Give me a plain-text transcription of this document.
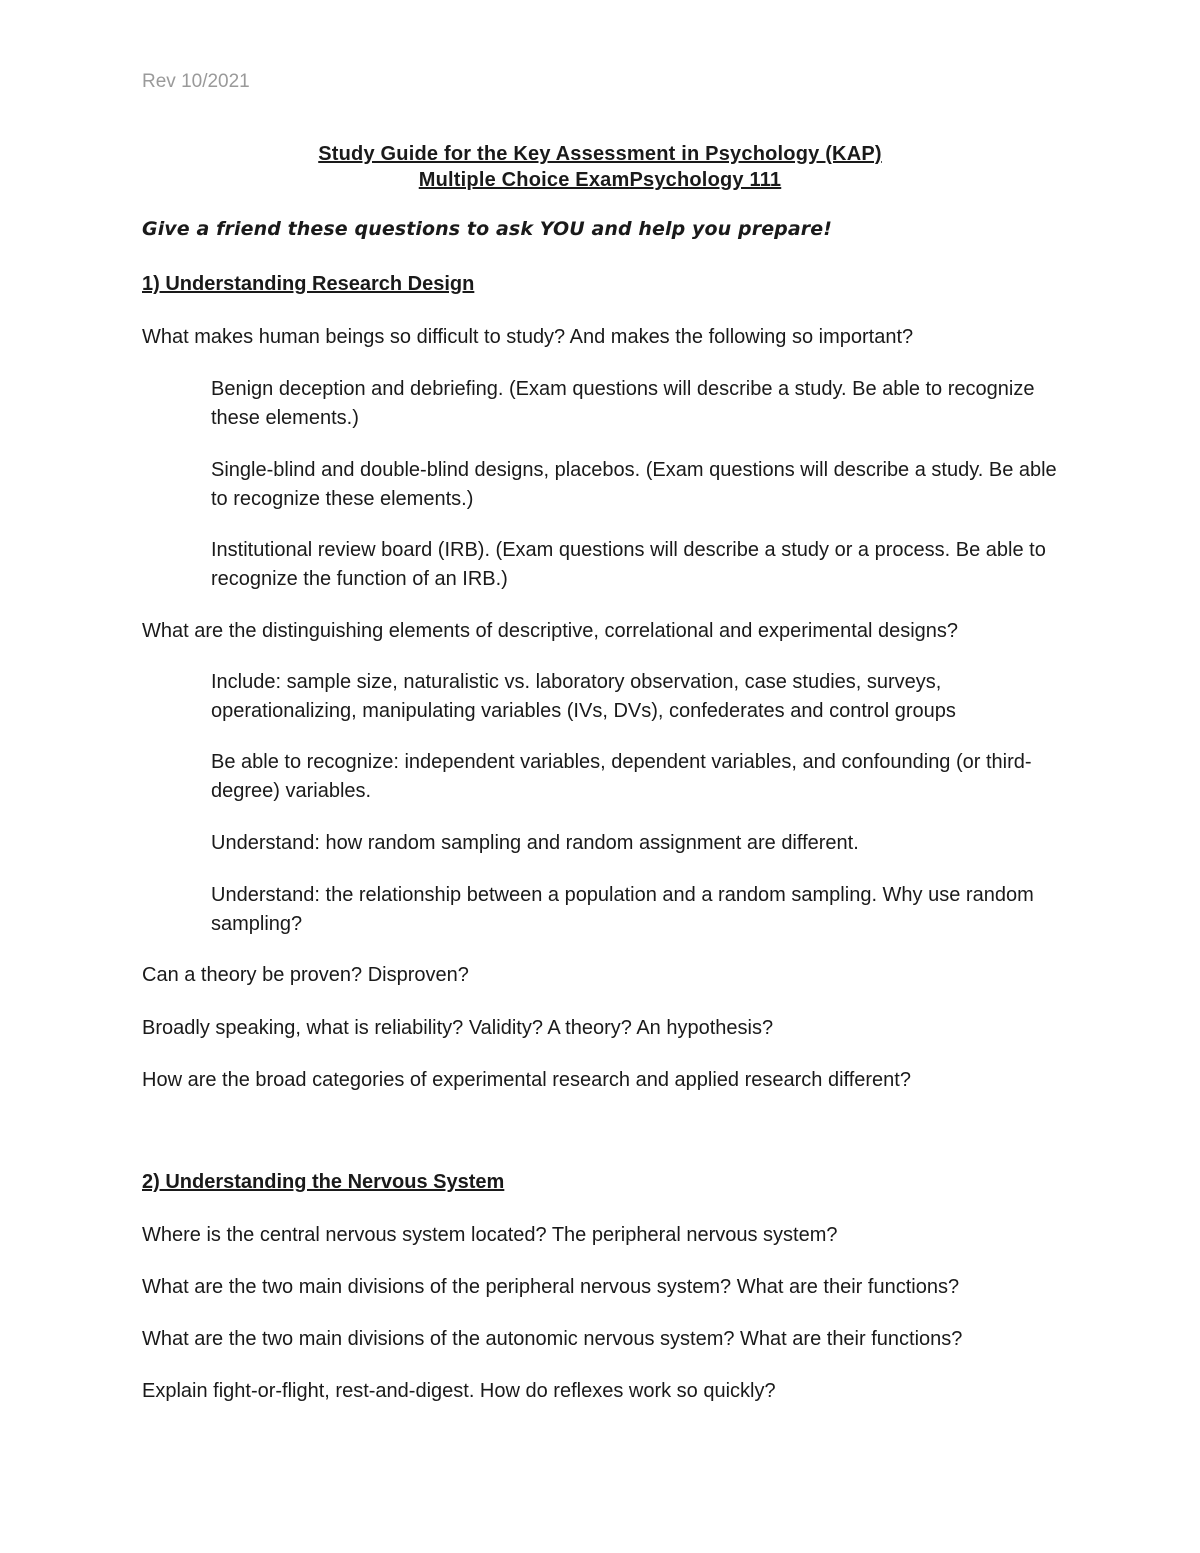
Rev 10/2021
Study Guide for the Key Assessment in Psychology (KAP)
Multiple Choice ExamPsychology 111
Give a friend these questions to ask YOU and help you prepare!
1) Understanding Research Design
What makes human beings so difficult to study? And makes the following so important?
Benign deception and debriefing. (Exam questions will describe a study. Be able to recognize these elements.)
Single-blind and double-blind designs, placebos. (Exam questions will describe a study. Be able to recognize these elements.)
Institutional review board (IRB). (Exam questions will describe a study or a process. Be able to recognize the function of an IRB.)
What are the distinguishing elements of descriptive, correlational and experimental designs?
Include: sample size, naturalistic vs. laboratory observation, case studies, surveys, operationalizing, manipulating variables (IVs, DVs), confederates and control groups
Be able to recognize: independent variables, dependent variables, and confounding (or third-degree) variables.
Understand: how random sampling and random assignment are different.
Understand: the relationship between a population and a random sampling. Why use random sampling?
Can a theory be proven? Disproven?
Broadly speaking, what is reliability? Validity? A theory? An hypothesis?
How are the broad categories of experimental research and applied research different?
2) Understanding the Nervous System
Where is the central nervous system located? The peripheral nervous system?
What are the two main divisions of the peripheral nervous system? What are their functions?
What are the two main divisions of the autonomic nervous system? What are their functions?
Explain fight-or-flight, rest-and-digest. How do reflexes work so quickly?
